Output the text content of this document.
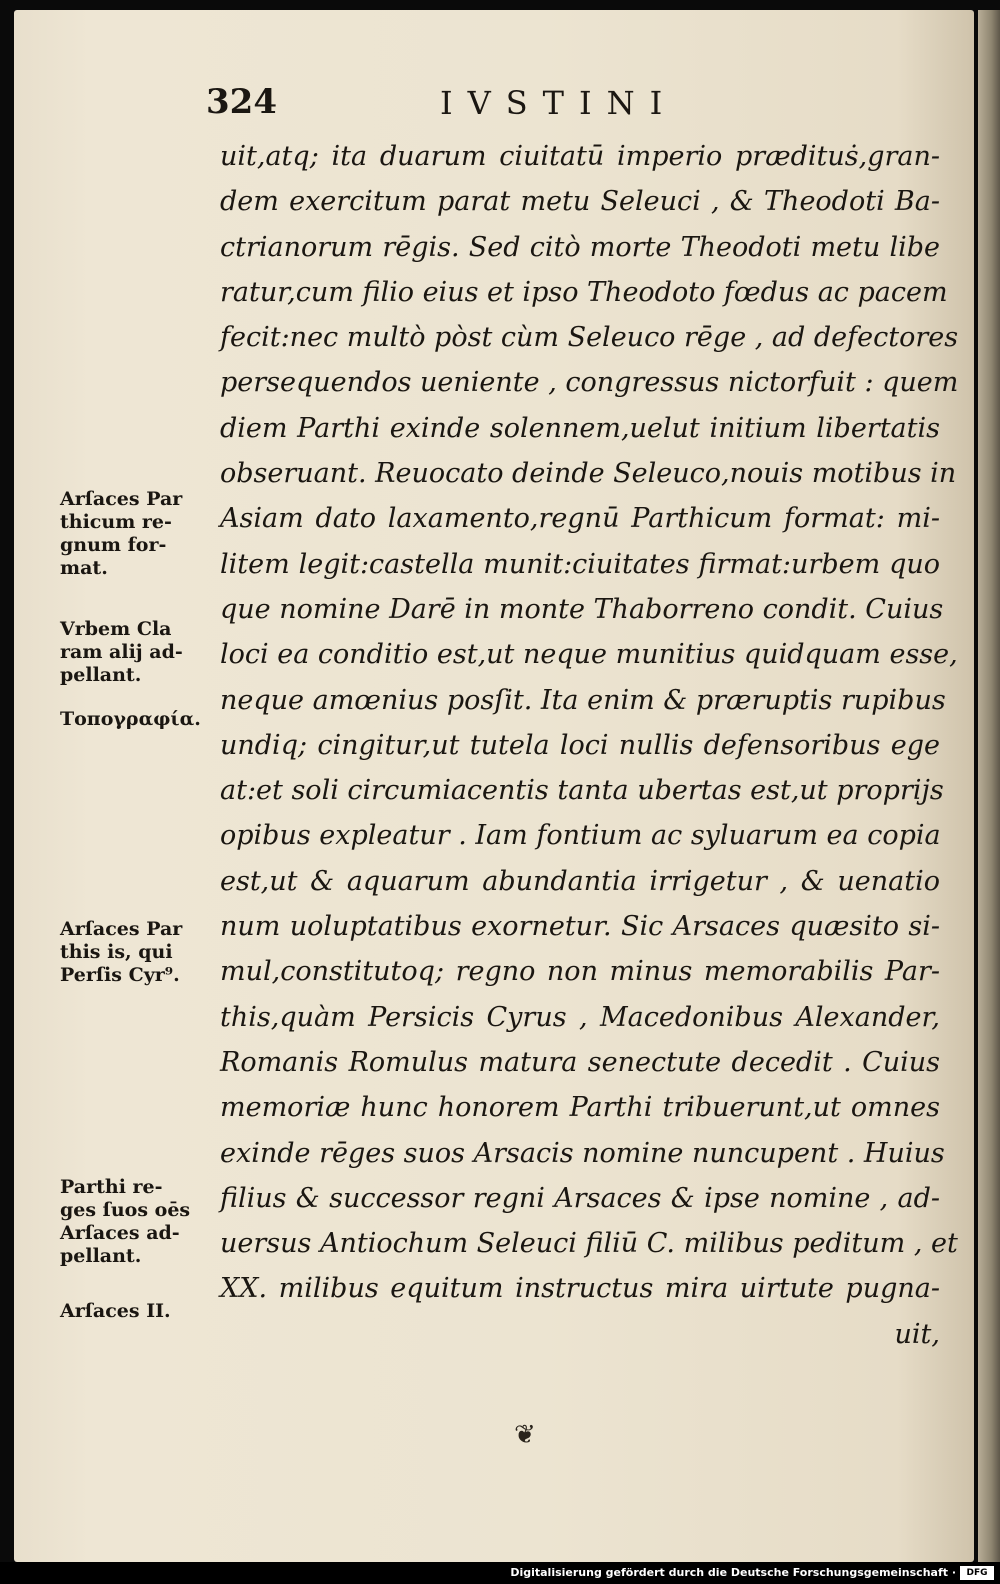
324	IVSTINI
uit,atq; ita duarum ciuitatū imperio prædituṡ,gran-
dem exercitum parat metu Seleuci , & Theodoti Ba-
ctrianorum rēgis. Sed citò morte Theodoti metu libe
ratur,cum filio eius et ipso Theodoto fœdus ac pacem
fecit:nec multò pòst cùm Seleuco rēge , ad defectores
persequendos ueniente , congressus nictorfuit : quem
diem Parthi exinde solennem,uelut initium libertatis
obseruant. Reuocato deinde Seleuco,nouis motibus in
Asiam dato laxamento,regnū Parthicum format: mi-
litem legit:castella munit:ciuitates firmat:urbem quo
que nomine Darē in monte Thaborreno condit. Cuius
loci ea conditio est,ut neque munitius quidquam esse,
neque amœnius posſit. Ita enim & præruptis rupibus
undiq; cingitur,ut tutela loci nullis defensoribus ege
at:et soli circumiacentis tanta ubertas est,ut proprijs
opibus expleatur . Iam fontium ac syluarum ea copia
est,ut & aquarum abundantia irrigetur , & uenatio
num uoluptatibus exornetur. Sic Arsaces quæsito si-
mul,constitutoq; regno non minus memorabilis Par-
this,quàm Persicis Cyrus , Macedonibus Alexander,
Romanis Romulus matura senectute decedit . Cuius
memoriæ hunc honorem Parthi tribuerunt,ut omnes
exinde rēges suos Arsacis nomine nuncupent . Huius
filius & successor regni Arsaces & ipse nomine , ad-
uersus Antiochum Seleuci filiū C. milibus peditum , et
XX. milibus equitum instructus mira uirtute pugna-
uit,
Arſaces Par
thicum re-
gnum for-
mat.
Vrbem Cla
ram alij ad-
pellant.
Τοπογραφία.
Arſaces Par
this is, qui
Perſis Cyr⁹.
Parthi re-
ges ſuos oēs
Arſaces ad-
pellant.
Arſaces II.
❦
Digitalisierung gefördert durch die Deutsche Forschungsgemeinschaft ·	DFG
